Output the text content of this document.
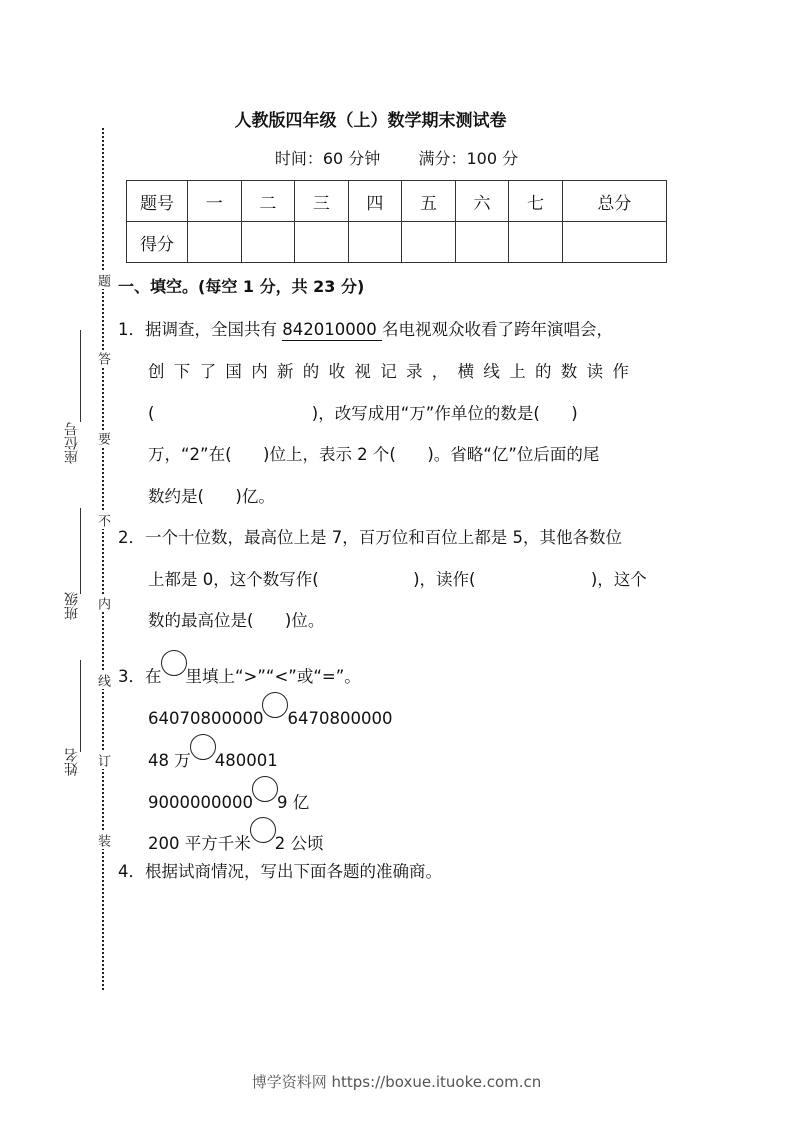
题
答
要
不
内
线
订
装
座位号
班级
姓名
人教版四年级（上）数学期末测试卷
时间：60 分钟 满分：100 分
题号	一	二	三	四	五	六	七	总分
得分								
一、填空。(每空 1 分，共 23 分)
1．据调查，全国共有 842010000 名电视观众收看了跨年演唱会，
创下了国内新的收视记录，横线上的数读作
(                              )，改写成用“万”作单位的数是(      )
万，“2”在(      )位上，表示 2 个(      )。省略“亿”位后面的尾
数约是(      )亿。
2．一个十位数，最高位上是 7，百万位和百位上都是 5，其他各数位
上都是 0，这个数写作(                  )，读作(                      )，这个
数的最高位是(      )位。
3．在 里填上“>”“<”或“=”。
64070800000 6470800000
48 万 480001
9000000000 9 亿
200 平方千米 2 公顷
4．根据试商情况，写出下面各题的准确商。
博学资料网 https://boxue.ituoke.com.cn
